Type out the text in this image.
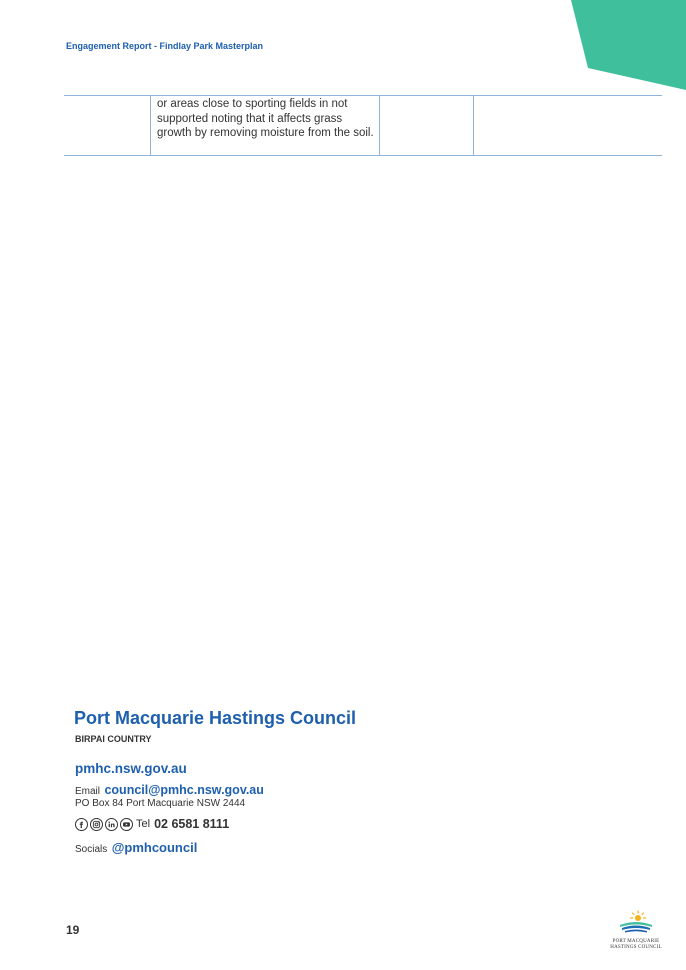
Engagement Report - Findlay Park Masterplan
or areas close to sporting fields in not supported noting that it affects grass growth by removing moisture from the soil.
Port Macquarie Hastings Council
BIRPAI COUNTRY
pmhc.nsw.gov.au
Email council@pmhc.nsw.gov.au
PO Box 84 Port Macquarie NSW 2444
Tel 02 6581 8111
Socials @pmhcouncil
19
PORT MACQUARIE
HASTINGS COUNCIL
